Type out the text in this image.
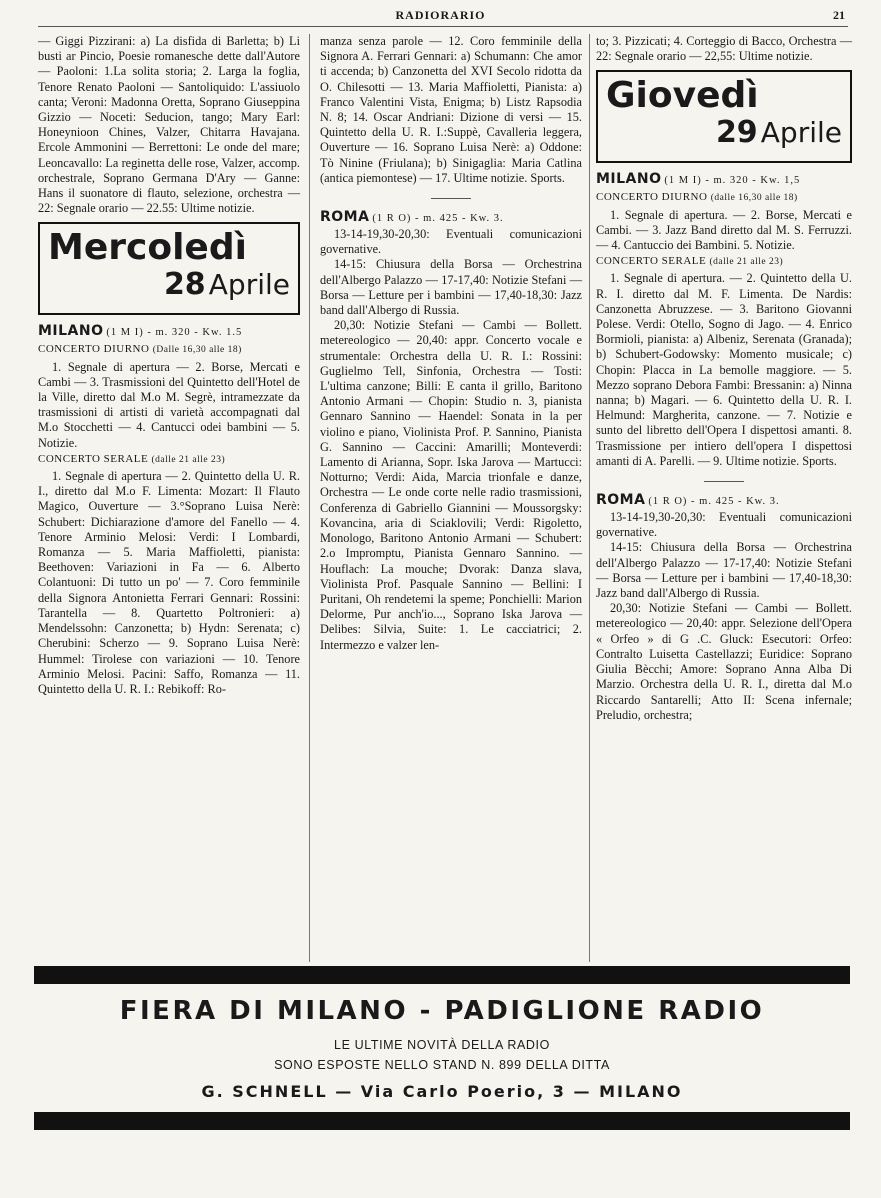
RADIORARIO	21

— Giggi Pizzirani: a) La disfida di Barletta; b) Li busti ar Pincio, Poesie romanesche dette dall'Autore — Paoloni: 1.La solita storia; 2. Larga la foglia, Tenore Renato Paoloni — Santoliquido: L'assiuolo canta; Veroni: Madonna Oretta, Soprano Giuseppina Gizzio — Noceti: Seducion, tango; Mary Earl: Honeynioon Chines, Valzer, Chitarra Havajana. Ercole Ammonini — Berrettoni: Le onde del mare; Leoncavallo: La reginetta delle rose, Valzer, accomp. orchestrale, Soprano Germana D'Ary — Ganne: Hans il suonatore di flauto, selezione, orchestra — 22: Segnale orario — 22.55: Ultime notizie.

Mercoledì
28 Aprile
MILANO (1 M I) - m. 320 - Kw. 1.5
CONCERTO DIURNO (Dalle 16,30 alle 18)

1. Segnale di apertura — 2. Borse, Mercati e Cambi — 3. Trasmissioni del Quintetto dell'Hotel de la Ville, diretto dal M.o M. Segrè, intramezzate da trasmissioni di artisti di varietà accompagnati dal M.o Stocchetti — 4. Cantucci odei bambini — 5. Notizie.

CONCERTO SERALE (dalle 21 alle 23)

1. Segnale di apertura — 2. Quintetto della U. R. I., diretto dal M.o F. Limenta: Mozart: Il Flauto Magico, Ouverture — 3.°Soprano Luisa Nerè: Schubert: Dichiarazione d'amore del Fanello — 4. Tenore Arminio Melosi: Verdi: I Lombardi, Romanza — 5. Maria Maffioletti, pianista: Beethoven: Variazioni in Fa — 6. Alberto Colantuoni: Di tutto un po' — 7. Coro femminile della Signora Antonietta Ferrari Gennari: Rossini: Tarantella — 8. Quartetto Poltronieri: a) Mendelssohn: Canzonetta; b) Hydn: Serenata; c) Cherubini: Scherzo — 9. Soprano Luisa Nerè: Hummel: Tirolese con variazioni — 10. Tenore Arminio Melosi. Pacini: Saffo, Romanza — 11. Quintetto della U. R. I.: Rebikoff: Ro-

manza senza parole — 12. Coro femminile della Signora A. Ferrari Gennari: a) Schumann: Che amor ti accenda; b) Canzonetta del XVI Secolo ridotta da O. Chilesotti — 13. Maria Maffioletti, Pianista: a) Franco Valentini Vista, Enigma; b) Listz Rapsodia N. 8; 14. Oscar Andriani: Dizione di versi — 15. Quintetto della U. R. I.:Suppè, Cavalleria leggera, Ouverture — 16. Soprano Luisa Nerè: a) Oddone: Tò Ninine (Friulana); b) Sinigaglia: Maria Catlina (antica piemontese) — 17. Ultime notizie. Sports.

ROMA (1 R O) - m. 425 - Kw. 3.

13-14-19,30-20,30: Eventuali comunicazioni governative.

14-15: Chiusura della Borsa — Orchestrina dell'Albergo Palazzo — 17-17,40: Notizie Stefani — Borsa — Letture per i bambini — 17,40-18,30: Jazz band dall'Albergo di Russia.

20,30: Notizie Stefani — Cambi — Bollett. metereologico — 20,40: appr. Concerto vocale e strumentale: Orchestra della U. R. I.: Rossini: Guglielmo Tell, Sinfonia, Orchestra — Tosti: L'ultima canzone; Billi: E canta il grillo, Baritono Antonio Armani — Chopin: Studio n. 3, pianista Gennaro Sannino — Haendel: Sonata in la per violino e piano, Violinista Prof. P. Sannino, Pianista G. Sannino — Caccini: Amarilli; Monteverdi: Lamento di Arianna, Sopr. Iska Jarova — Martucci: Notturno; Verdi: Aida, Marcia trionfale e danze, Orchestra — Le onde corte nelle radio trasmissioni, Conferenza di Gabriello Giannini — Moussorgsky: Kovancina, aria di Sciaklovili; Verdi: Rigoletto, Monologo, Baritono Antonio Armani — Schubert: 2.o Impromptu, Pianista Gennaro Sannino. — Houflach: La mouche; Dvorak: Danza slava, Violinista Prof. Pasquale Sannino — Bellini: I Puritani, Oh rendetemi la speme; Ponchielli: Marion Delorme, Pur anch'io..., Soprano Iska Jarova — Delibes: Silvia, Suite: 1. Le cacciatrici; 2. Intermezzo e valzer len-

to; 3. Pizzicati; 4. Corteggio di Bacco, Orchestra — 22: Segnale orario — 22,55: Ultime notizie.

Giovedì
29 Aprile
MILANO (1 M I) - m. 320 - Kw. 1,5
CONCERTO DIURNO (dalle 16,30 alle 18)

1. Segnale di apertura. — 2. Borse, Mercati e Cambi. — 3. Jazz Band diretto dal M. S. Ferruzzi. — 4. Cantuccio dei Bambini. 5. Notizie.

CONCERTO SERALE (dalle 21 alle 23)

1. Segnale di apertura. — 2. Quintetto della U. R. I. diretto dal M. F. Limenta. De Nardis: Canzonetta Abruzzese. — 3. Baritono Giovanni Polese. Verdi: Otello, Sogno di Jago. — 4. Enrico Bormioli, pianista: a) Albeniz, Serenata (Granada); b) Schubert-Godowsky: Momento musicale; c) Chopin: Placca in La bemolle maggiore. — 5. Mezzo soprano Debora Fambi: Bressanin: a) Ninna nanna; b) Magari. — 6. Quintetto della U. R. I. Helmund: Margherita, canzone. — 7. Notizie e sunto del libretto dell'Opera I dispettosi amanti. 8. Trasmissione per intiero dell'opera I dispettosi amanti di A. Parelli. — 9. Ultime notizie. Sports.

ROMA (1 R O) - m. 425 - Kw. 3.

13-14-19,30-20,30: Eventuali comunicazioni governative.

14-15: Chiusura della Borsa — Orchestrina dell'Albergo Palazzo — 17-17,40: Notizie Stefani — Borsa — Letture per i bambini — 17,40-18,30: Jazz band dall'Albergo di Russia.

20,30: Notizie Stefani — Cambi — Bollett. metereologico — 20,40: appr. Selezione dell'Opera « Orfeo » di G .C. Gluck: Esecutori: Orfeo: Contralto Luisetta Castellazzi; Euridice: Soprano Giulia Bècchi; Amore: Soprano Anna Alba Di Marzio. Orchestra della U. R. I., diretta dal M.o Riccardo Santarelli; Atto II: Scena infernale; Preludio, orchestra;

FIERA DI MILANO - PADIGLIONE RADIO
LE ULTIME NOVITÀ DELLA RADIO
SONO ESPOSTE NELLO STAND N. 899 DELLA DITTA
G. SCHNELL — Via Carlo Poerio, 3 — MILANO
